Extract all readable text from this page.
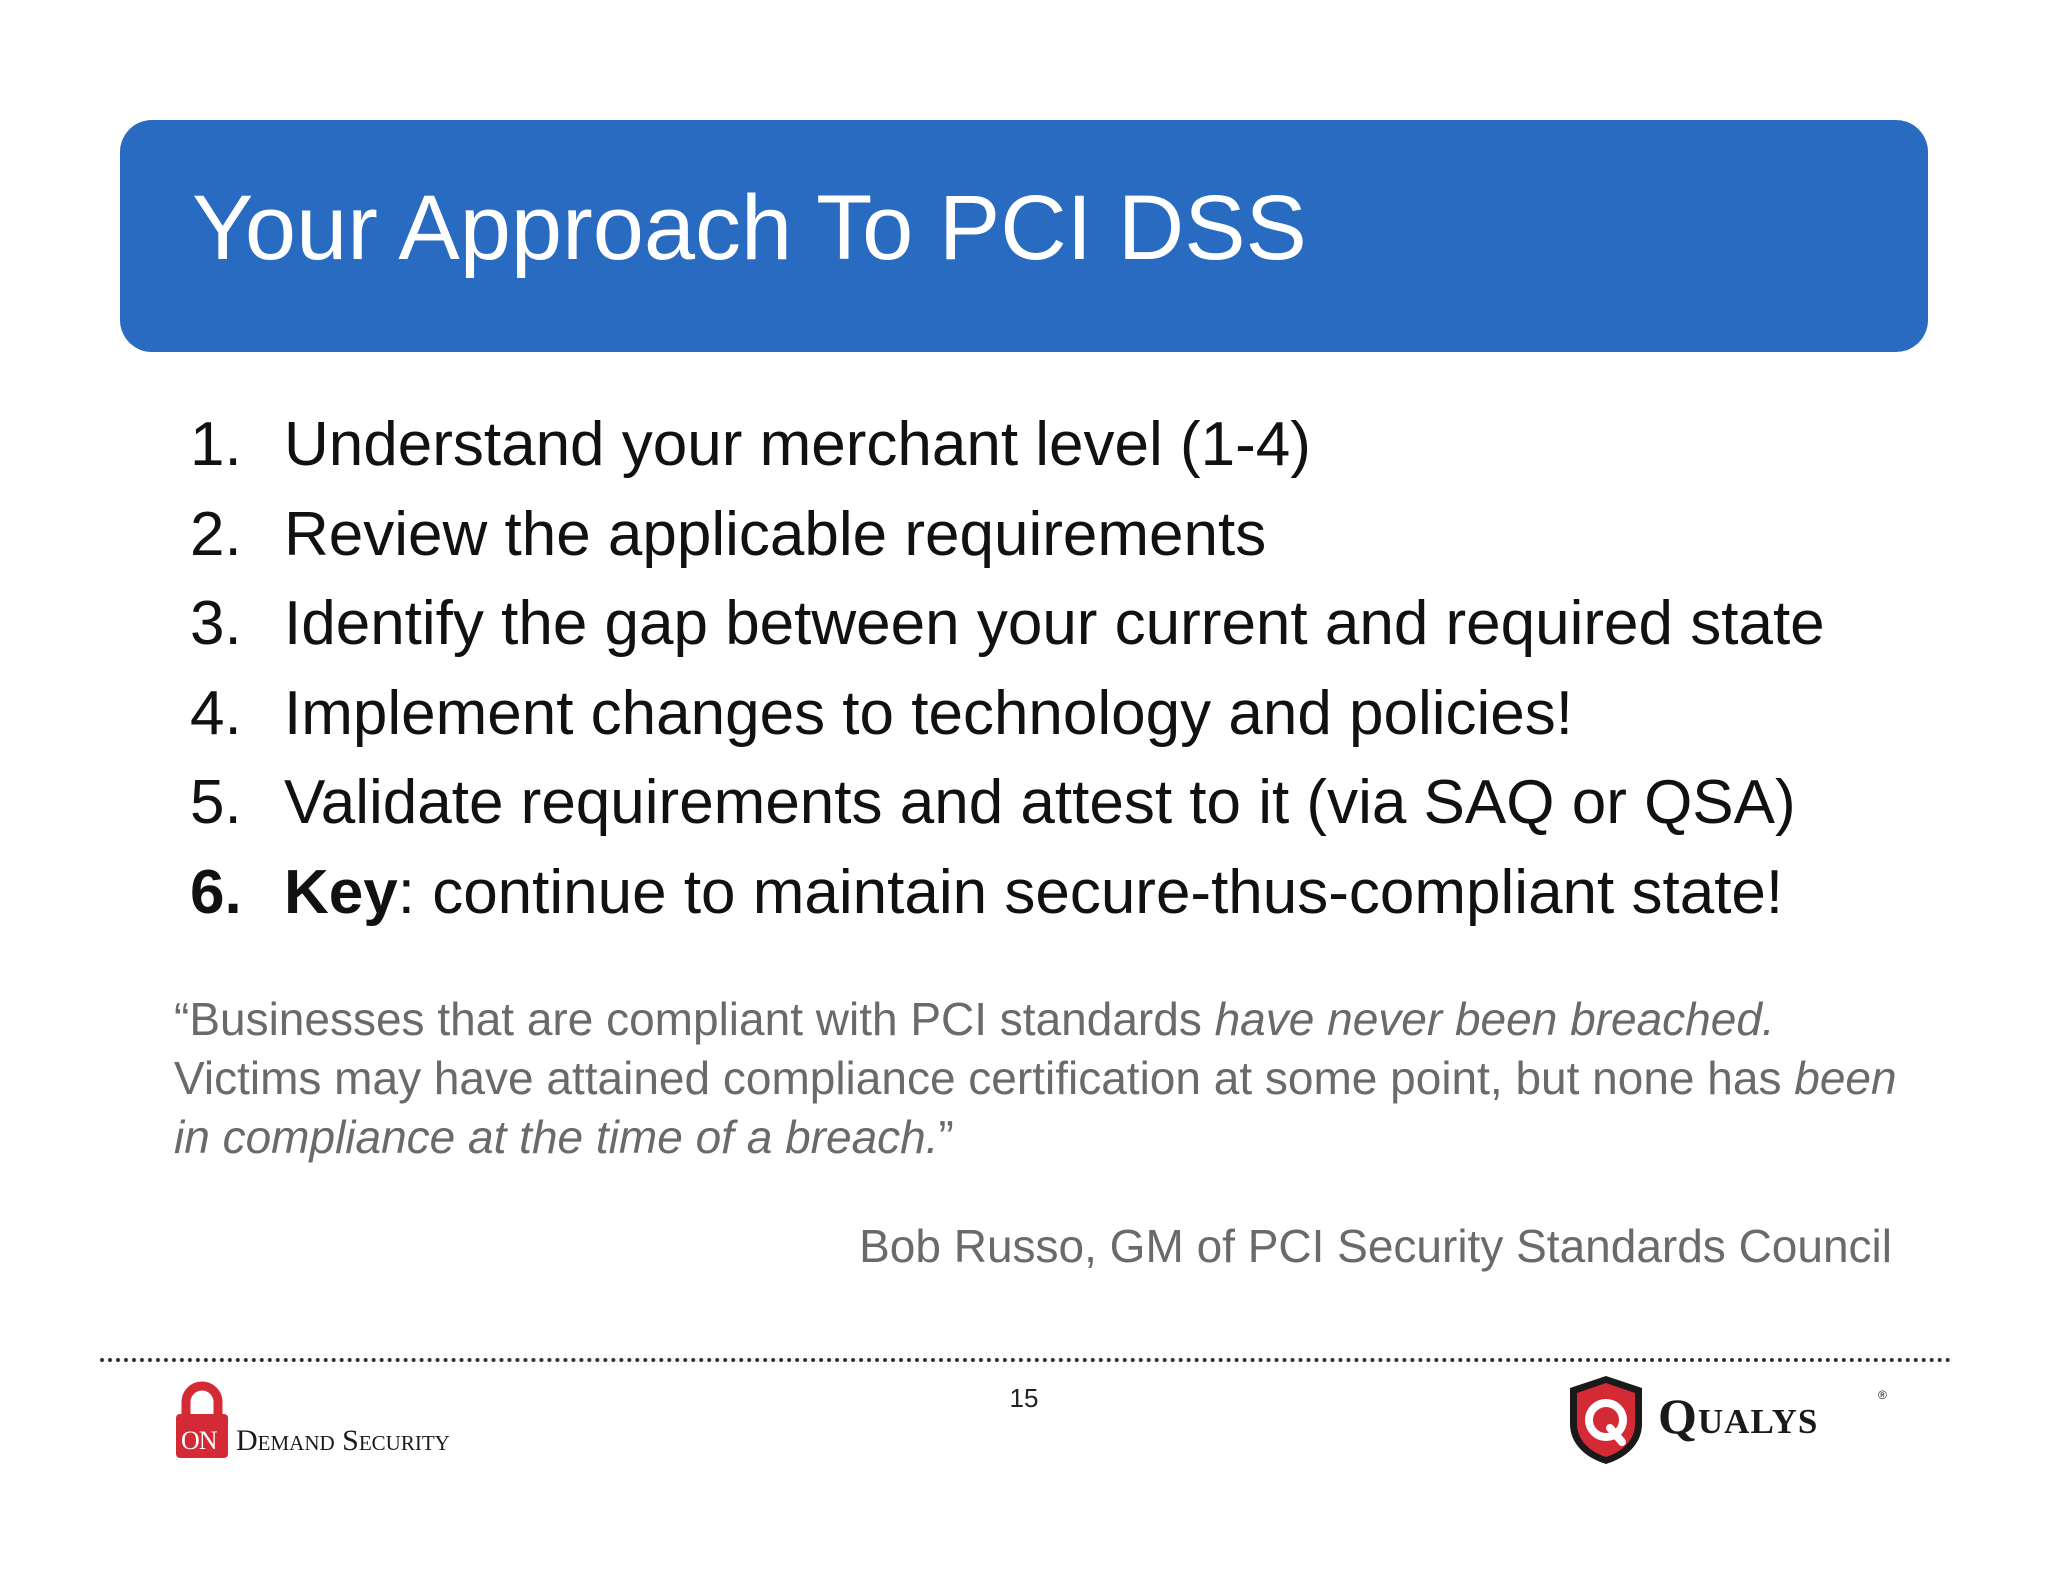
Your Approach To PCI DSS
1. Understand your merchant level (1-4)
2. Review the applicable requirements
3. Identify the gap between your current and required state
4. Implement changes to technology and policies!
5. Validate requirements and attest to it (via SAQ or QSA)
6. Key: continue to maintain secure-thus-compliant state!

“Businesses that are compliant with PCI standards have never been breached. Victims may have attained compliance certification at some point, but none has been in compliance at the time of a breach.”

Bob Russo, GM of PCI Security Standards Council
15
ON Demand Security	Qualys	®
